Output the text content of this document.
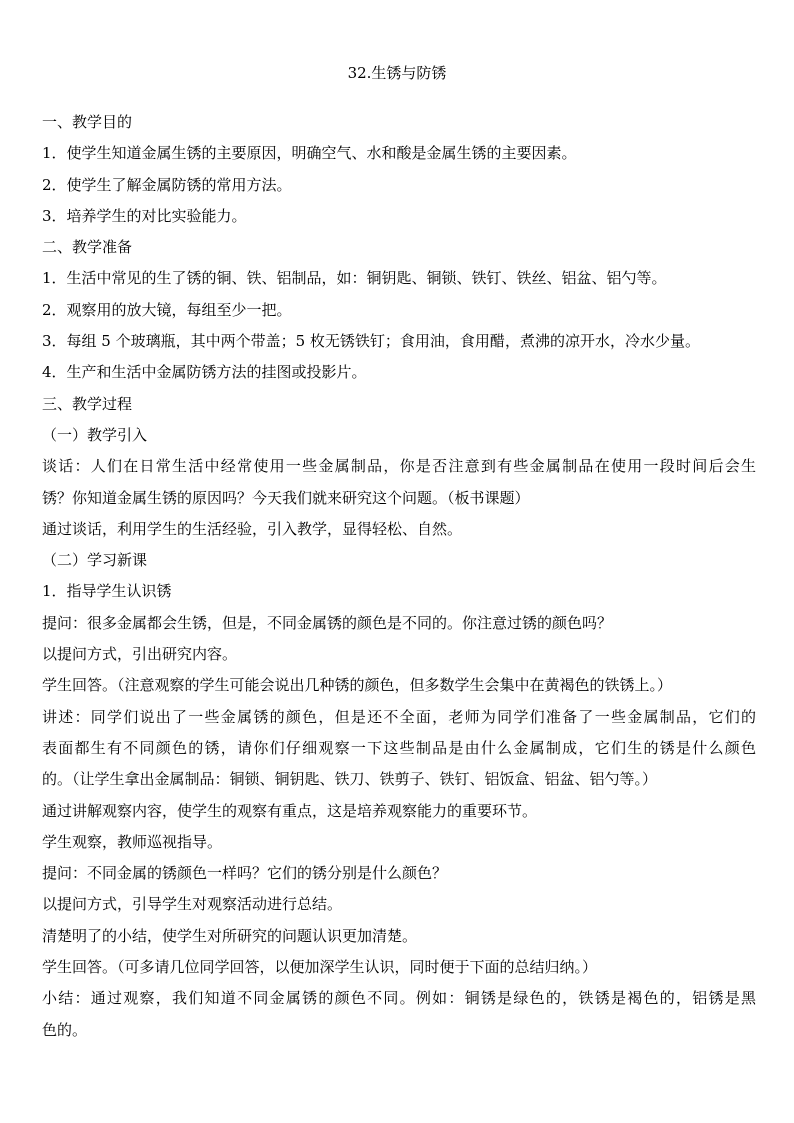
32.生锈与防锈
一、教学目的
1．使学生知道金属生锈的主要原因，明确空气、水和酸是金属生锈的主要因素。
2．使学生了解金属防锈的常用方法。
3．培养学生的对比实验能力。
二、教学准备
1．生活中常见的生了锈的铜、铁、铝制品，如：铜钥匙、铜锁、铁钉、铁丝、铝盆、铝勺等。
2．观察用的放大镜，每组至少一把。
3．每组 5 个玻璃瓶，其中两个带盖；5 枚无锈铁钉；食用油，食用醋，煮沸的凉开水，冷水少量。
4．生产和生活中金属防锈方法的挂图或投影片。
三、教学过程
（一）教学引入
谈话：人们在日常生活中经常使用一些金属制品，你是否注意到有些金属制品在使用一段时间后会生
锈？你知道金属生锈的原因吗？今天我们就来研究这个问题。（板书课题）
通过谈话，利用学生的生活经验，引入教学，显得轻松、自然。
（二）学习新课
1．指导学生认识锈
提问：很多金属都会生锈，但是，不同金属锈的颜色是不同的。你注意过锈的颜色吗？
以提问方式，引出研究内容。
学生回答。（注意观察的学生可能会说出几种锈的颜色，但多数学生会集中在黄褐色的铁锈上。）
讲述：同学们说出了一些金属锈的颜色，但是还不全面，老师为同学们准备了一些金属制品，它们的
表面都生有不同颜色的锈，请你们仔细观察一下这些制品是由什么金属制成，它们生的锈是什么颜色
的。（让学生拿出金属制品：铜锁、铜钥匙、铁刀、铁剪子、铁钉、铝饭盒、铝盆、铝勺等。）
通过讲解观察内容，使学生的观察有重点，这是培养观察能力的重要环节。
学生观察，教师巡视指导。
提问：不同金属的锈颜色一样吗？它们的锈分别是什么颜色？
以提问方式，引导学生对观察活动进行总结。
清楚明了的小结，使学生对所研究的问题认识更加清楚。
学生回答。（可多请几位同学回答，以便加深学生认识，同时便于下面的总结归纳。）
小结：通过观察，我们知道不同金属锈的颜色不同。例如：铜锈是绿色的，铁锈是褐色的，铝锈是黑
色的。
